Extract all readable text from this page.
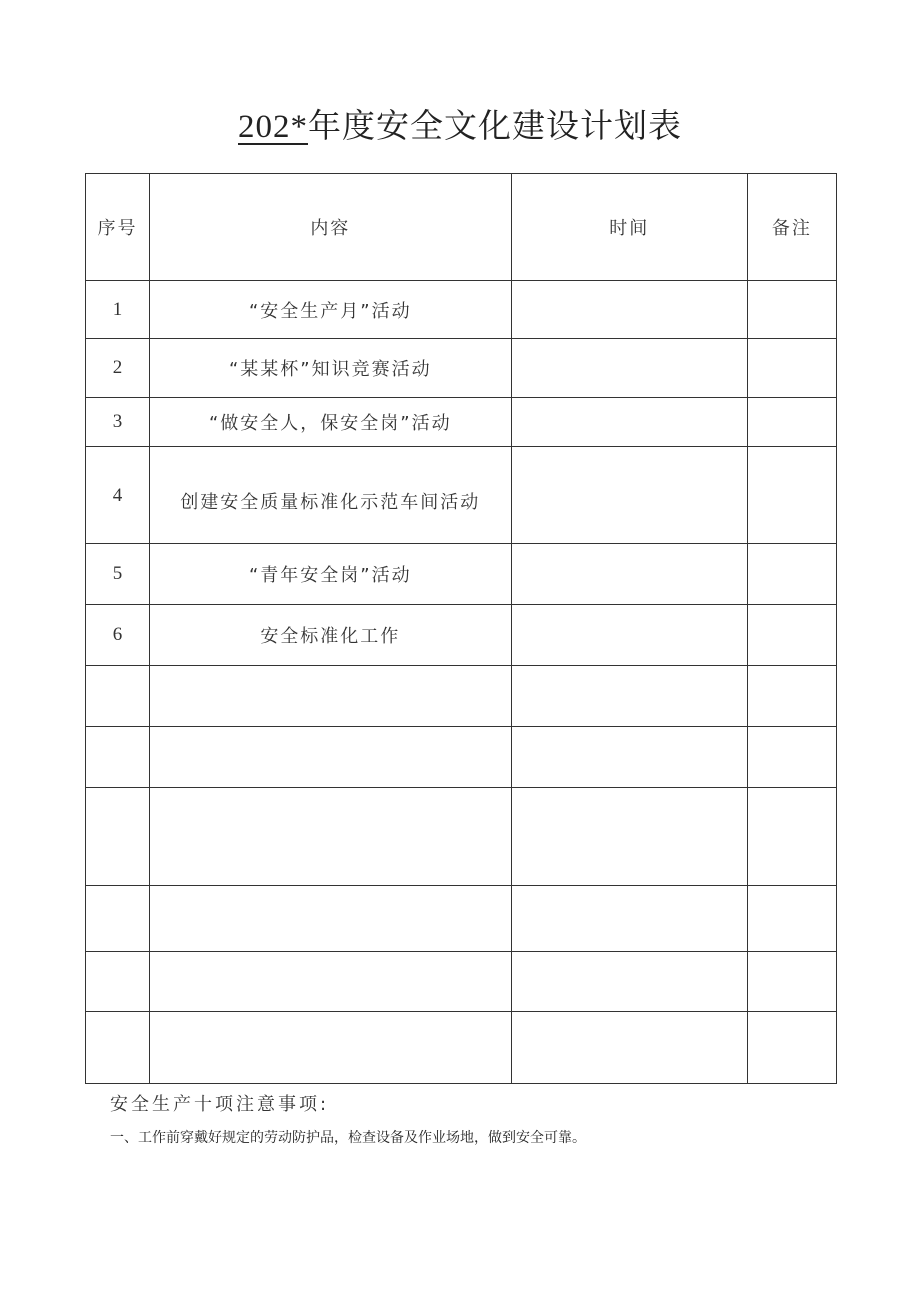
202*年度安全文化建设计划表
序号	内容	时间	备注
1	“安全生产月”活动		
2	“某某杯”知识竞赛活动		
3	“做安全人，保安全岗”活动		
4	创建安全质量标准化示范车间活动		
5	“青年安全岗”活动		
6	安全标准化工作		

安全生产十项注意事项:
一、工作前穿戴好规定的劳动防护品，检查设备及作业场地，做到安全可靠。
